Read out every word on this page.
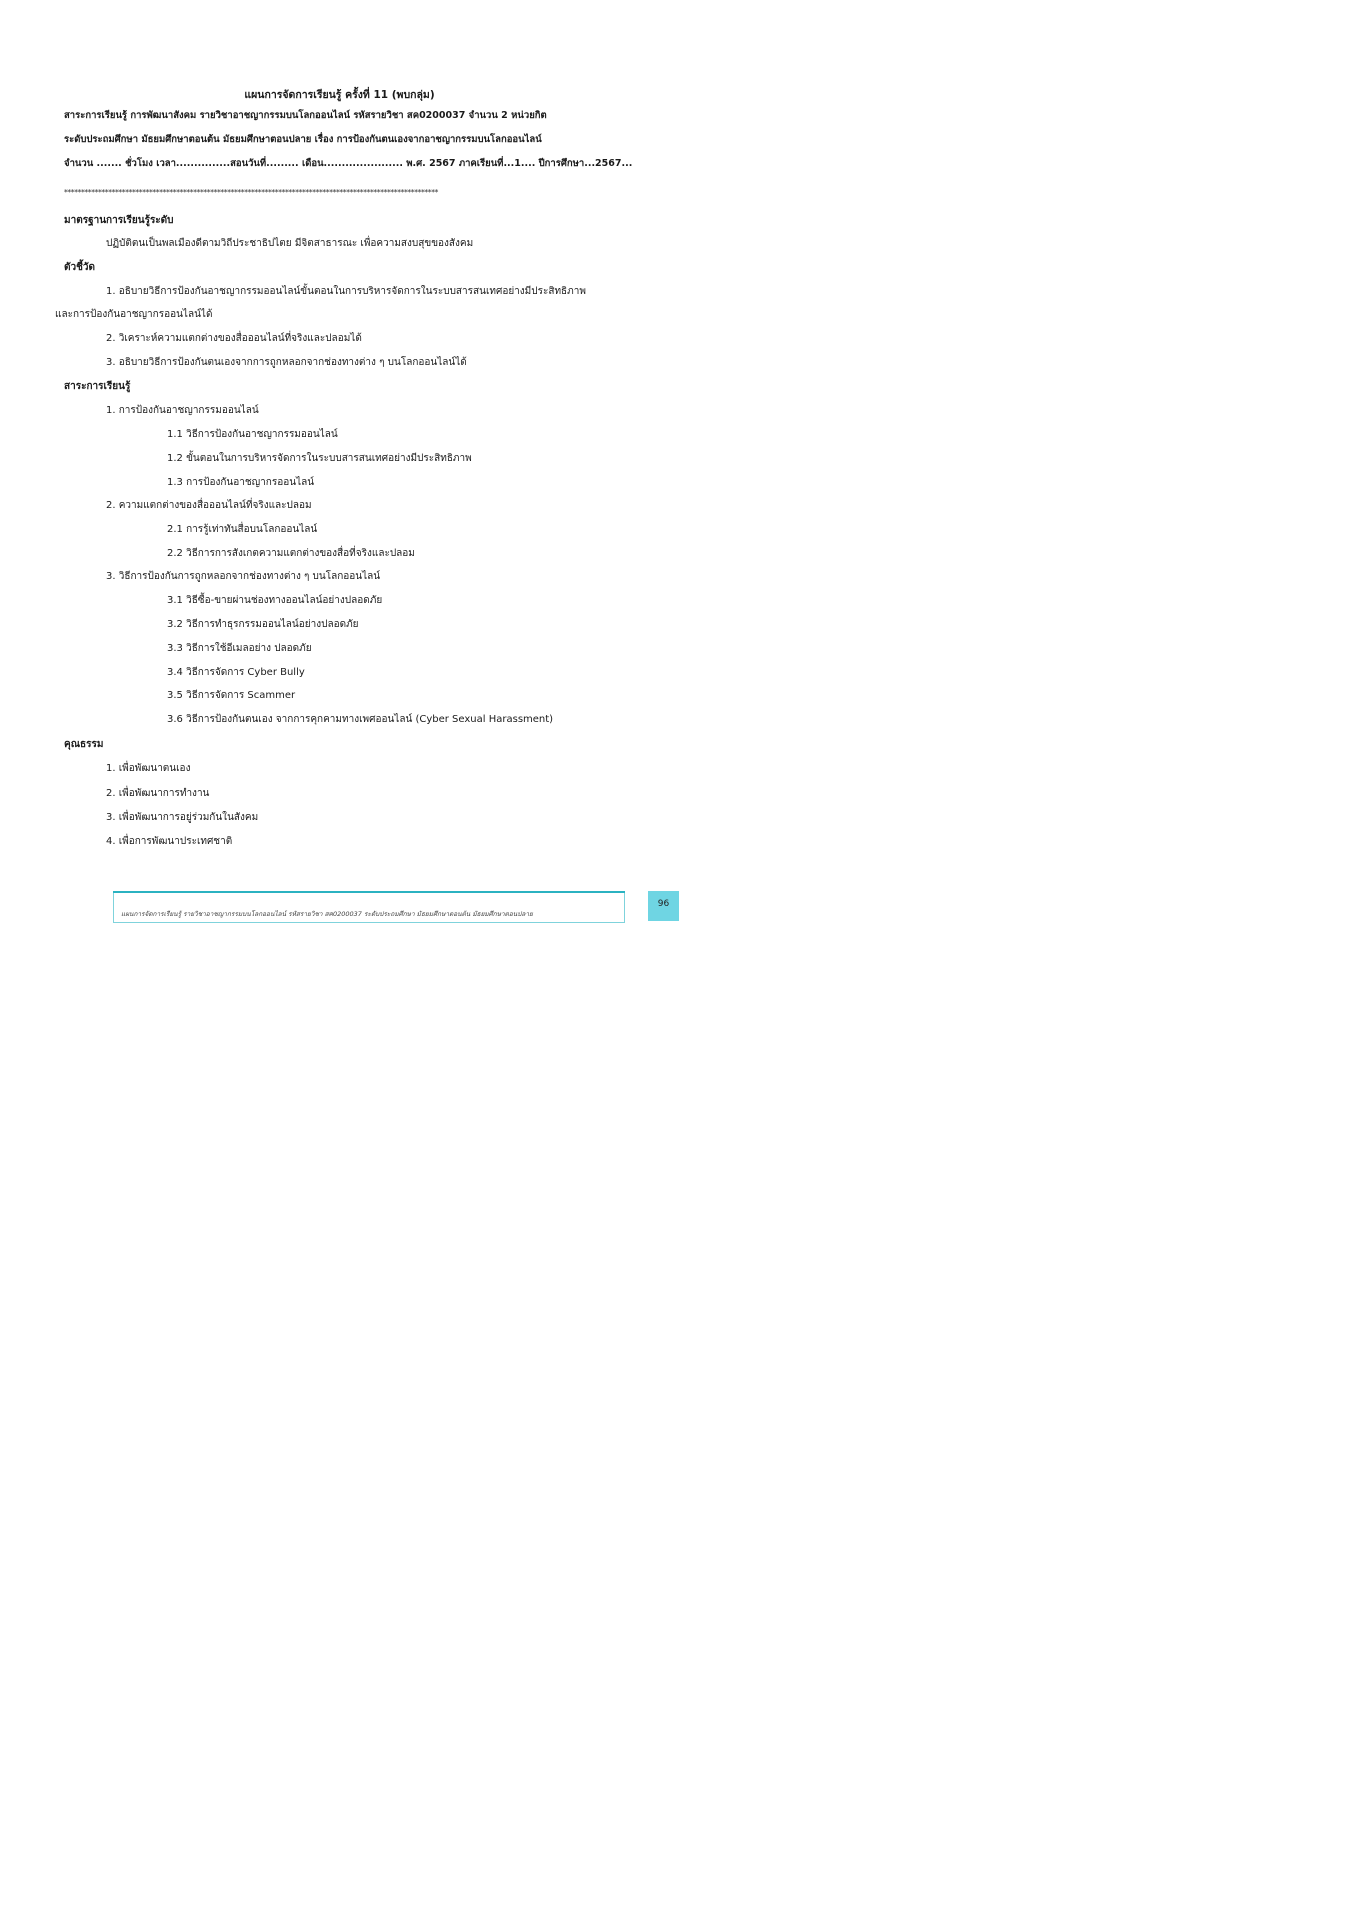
แผนการจัดการเรียนรู้ ครั้งที่ 11 (พบกลุ่ม)
สาระการเรียนรู้ การพัฒนาสังคม รายวิชาอาชญากรรมบนโลกออนไลน์ รหัสรายวิชา สค0200037 จำนวน 2 หน่วยกิต
ระดับประถมศึกษา มัธยมศึกษาตอนต้น มัธยมศึกษาตอนปลาย เรื่อง การป้องกันตนเองจากอาชญากรรมบนโลกออนไลน์
จำนวน ....... ชั่วโมง เวลา...............สอนวันที่......... เดือน...................... พ.ศ. 2567 ภาคเรียนที่...1.... ปีการศึกษา...2567...
**************************************************************************************************************
มาตรฐานการเรียนรู้ระดับ
ปฏิบัติตนเป็นพลเมืองดีตามวิถีประชาธิปไตย มีจิตสาธารณะ เพื่อความสงบสุขของสังคม
ตัวชี้วัด
1. อธิบายวิธีการป้องกันอาชญากรรมออนไลน์ขั้นตอนในการบริหารจัดการในระบบสารสนเทศอย่างมีประสิทธิภาพ
และการป้องกันอาชญากรออนไลน์ได้
2. วิเคราะห์ความแตกต่างของสื่อออนไลน์ที่จริงและปลอมได้
3. อธิบายวิธีการป้องกันตนเองจากการถูกหลอกจากช่องทางต่าง ๆ บนโลกออนไลน์ได้
สาระการเรียนรู้
1. การป้องกันอาชญากรรมออนไลน์
1.1 วิธีการป้องกันอาชญากรรมออนไลน์
1.2 ขั้นตอนในการบริหารจัดการในระบบสารสนเทศอย่างมีประสิทธิภาพ
1.3 การป้องกันอาชญากรออนไลน์
2. ความแตกต่างของสื่อออนไลน์ที่จริงและปลอม
2.1 การรู้เท่าทันสื่อบนโลกออนไลน์
2.2 วิธีการการสังเกตความแตกต่างของสื่อที่จริงและปลอม
3. วิธีการป้องกันการถูกหลอกจากช่องทางต่าง ๆ บนโลกออนไลน์
3.1 วิธีซื้อ-ขายผ่านช่องทางออนไลน์อย่างปลอดภัย
3.2 วิธีการทำธุรกรรมออนไลน์อย่างปลอดภัย
3.3 วิธีการใช้อีเมลอย่าง ปลอดภัย
3.4 วิธีการจัดการ Cyber Bully
3.5 วิธีการจัดการ Scammer
3.6 วิธีการป้องกันตนเอง จากการคุกคามทางเพศออนไลน์ (Cyber Sexual Harassment)
คุณธรรม
1. เพื่อพัฒนาตนเอง
2. เพื่อพัฒนาการทำงาน
3. เพื่อพัฒนาการอยู่ร่วมกันในสังคม
4. เพื่อการพัฒนาประเทศชาติ
แผนการจัดการเรียนรู้ รายวิชาอาชญากรรมบนโลกออนไลน์ รหัสรายวิชา สค0200037 ระดับประถมศึกษา มัธยมศึกษาตอนต้น มัธยมศึกษาตอนปลาย
96
